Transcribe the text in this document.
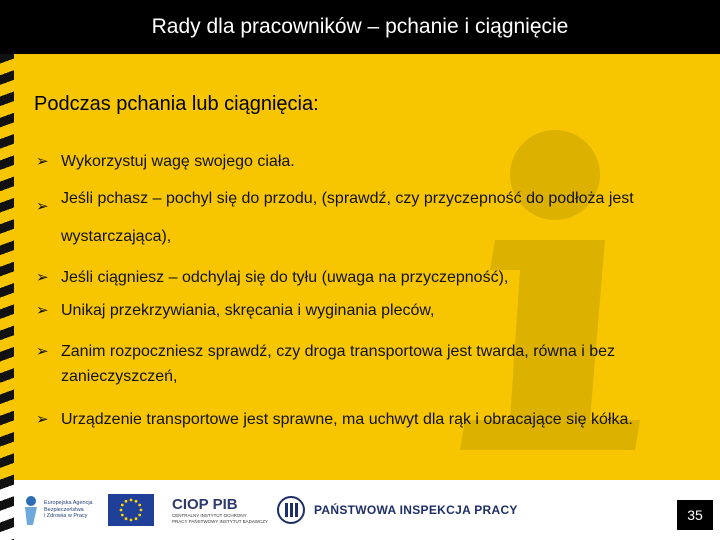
Rady dla pracowników – pchanie i ciągnięcie
Podczas pchania lub ciągnięcia:
➢ Wykorzystuj wagę swojego ciała.
➢ Jeśli pchasz – pochyl się do przodu, (sprawdź, czy przyczepność do podłoża jest wystarczająca),
➢ Jeśli ciągniesz – odchylaj się do tyłu (uwaga na przyczepność),
➢ Unikaj przekrzywiania, skręcania i wyginania pleców,
➢ Zanim rozpoczniesz sprawdź, czy droga transportowa jest twarda, równa i bez zanieczyszczeń,
➢ Urządzenie transportowe jest sprawne, ma uchwyt dla rąk i obracające się kółka.
Europejska Agencja
Bezpieczeństwa
i Zdrowia w Pracy
CIOP PIB
CENTRALNY INSTYTUT OCHRONY
PRACY PAŃSTWOWY INSTYTUT BADAWCZY
PAŃSTWOWA INSPEKCJA PRACY	35
